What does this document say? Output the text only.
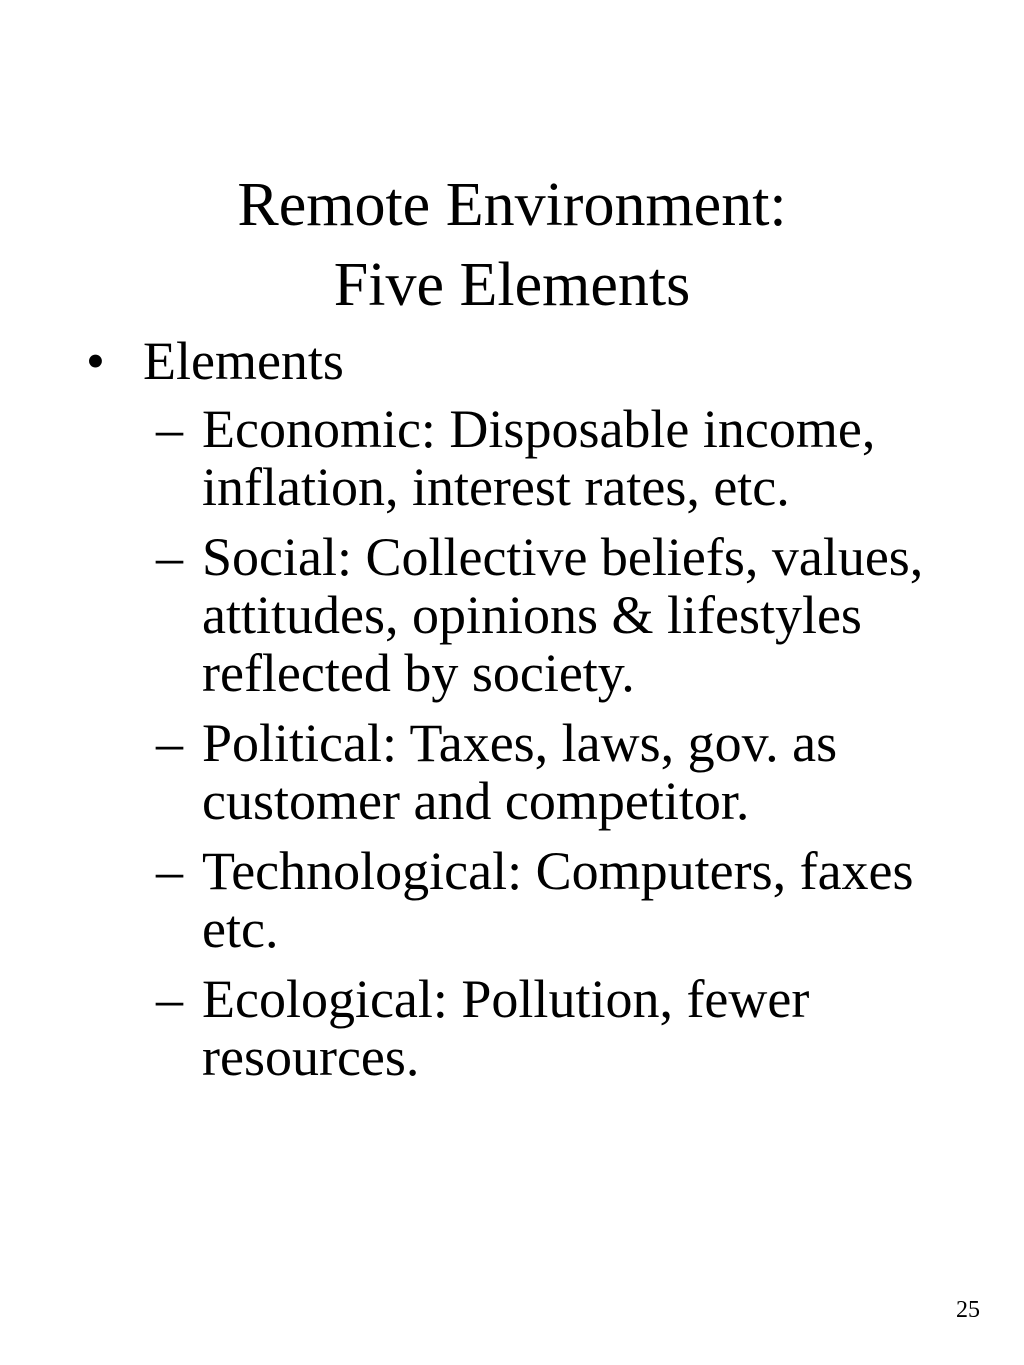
Remote Environment:
Five Elements
• Elements
– Economic: Disposable income, inflation, interest rates, etc.
– Social: Collective beliefs, values, attitudes, opinions & lifestyles reflected by society.
– Political: Taxes, laws, gov. as customer and competitor.
– Technological: Computers, faxes etc.
– Ecological: Pollution, fewer resources.
25
